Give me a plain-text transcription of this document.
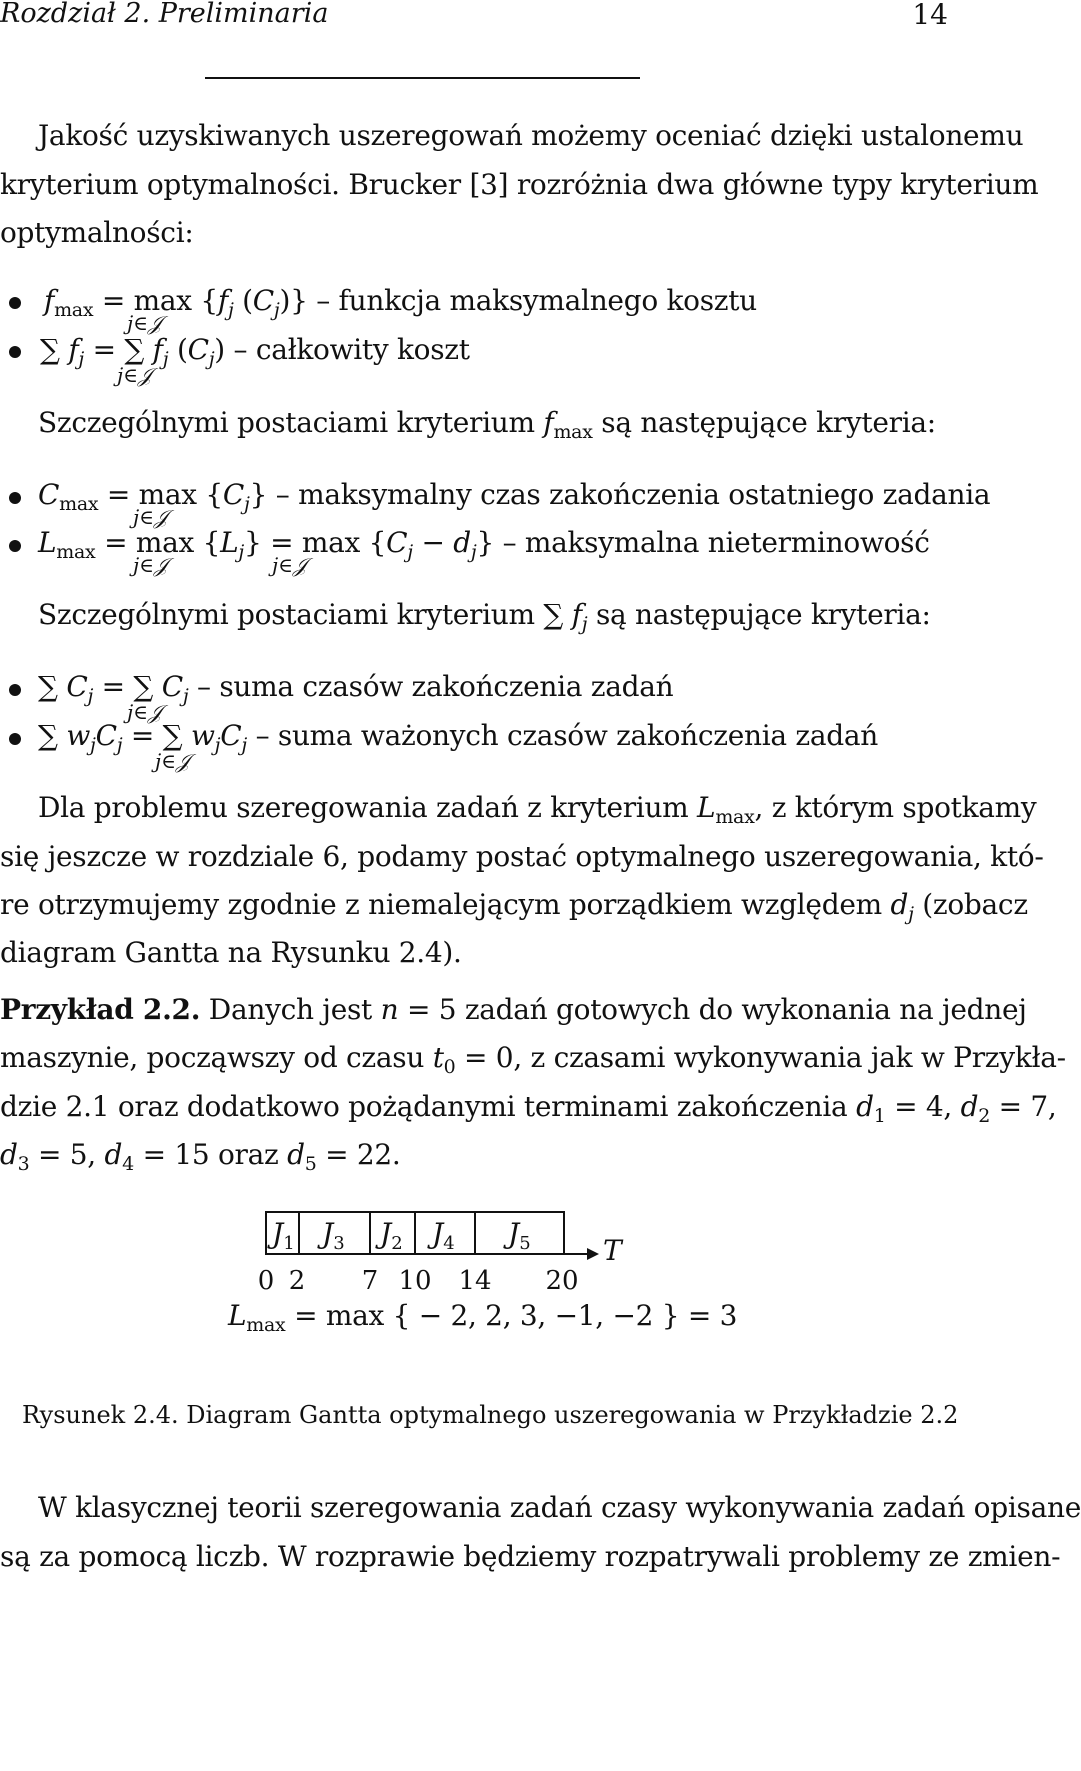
Rozdział 2. Preliminaria	14
Jakość uzyskiwanych uszeregowań możemy oceniać dzięki ustalonemu
kryterium optymalności. Brucker [3] rozróżnia dwa główne typy kryterium
optymalności:
$f_{max} = \max \{f_j$ $(C_j)$} – funkcja maksymalnego kosztu
j∈𝒥
∑ $f_j$ = ∑ $f_j$ $(C_j)$ – całkowity koszt
j∈𝒥
Szczególnymi postaciami kryterium $f_{max}$ są następujące kryteria:
$C_{max} = \max \{C_j\}$ – maksymalny czas zakończenia ostatniego zadania
j∈𝒥
$L_{max} = \max \{L_j\} = \max \{C_j - d_j\}$ – maksymalna nieterminowość
j∈𝒥	j∈𝒥
Szczególnymi postaciami kryterium ∑ $f_j$ są następujące kryteria:
∑ $C_j$ = ∑ $C_j$ – suma czasów zakończenia zadań
j∈𝒥
∑ $w_jC_j$ = ∑ $w_jC_j$ – suma ważonych czasów zakończenia zadań
j∈𝒥
Dla problemu szeregowania zadań z kryterium $L_{max}$, z którym spotkamy
się jeszcze w rozdziale 6, podamy postać optymalnego uszeregowania, któ-
re otrzymujemy zgodnie z niemalejącym porządkiem względem $d_j$ (zobacz
diagram Gantta na Rysunku 2.4).
Przykład 2.2. Danych jest n = 5 zadań gotowych do wykonania na jednej
maszynie, począwszy od czasu $t_0 = 0$, z czasami wykonywania jak w Przykła-
dzie 2.1 oraz dodatkowo pożądanymi terminami zakończenia $d_1 = 4$, $d_2 = 7$,
$d_3 = 5$, $d_4 = 15$ oraz $d_5 = 22$.
$J_1$ $J_3$ $J_2$ $J_4$ $J_5$	T
0 2 7 10 14 20
$L_{max} = \max$ { − 2, 2, 3, −1, −2 } = 3
Rysunek 2.4. Diagram Gantta optymalnego uszeregowania w Przykładzie 2.2
W klasycznej teorii szeregowania zadań czasy wykonywania zadań opisane
są za pomocą liczb. W rozprawie będziemy rozpatrywali problemy ze zmien-
